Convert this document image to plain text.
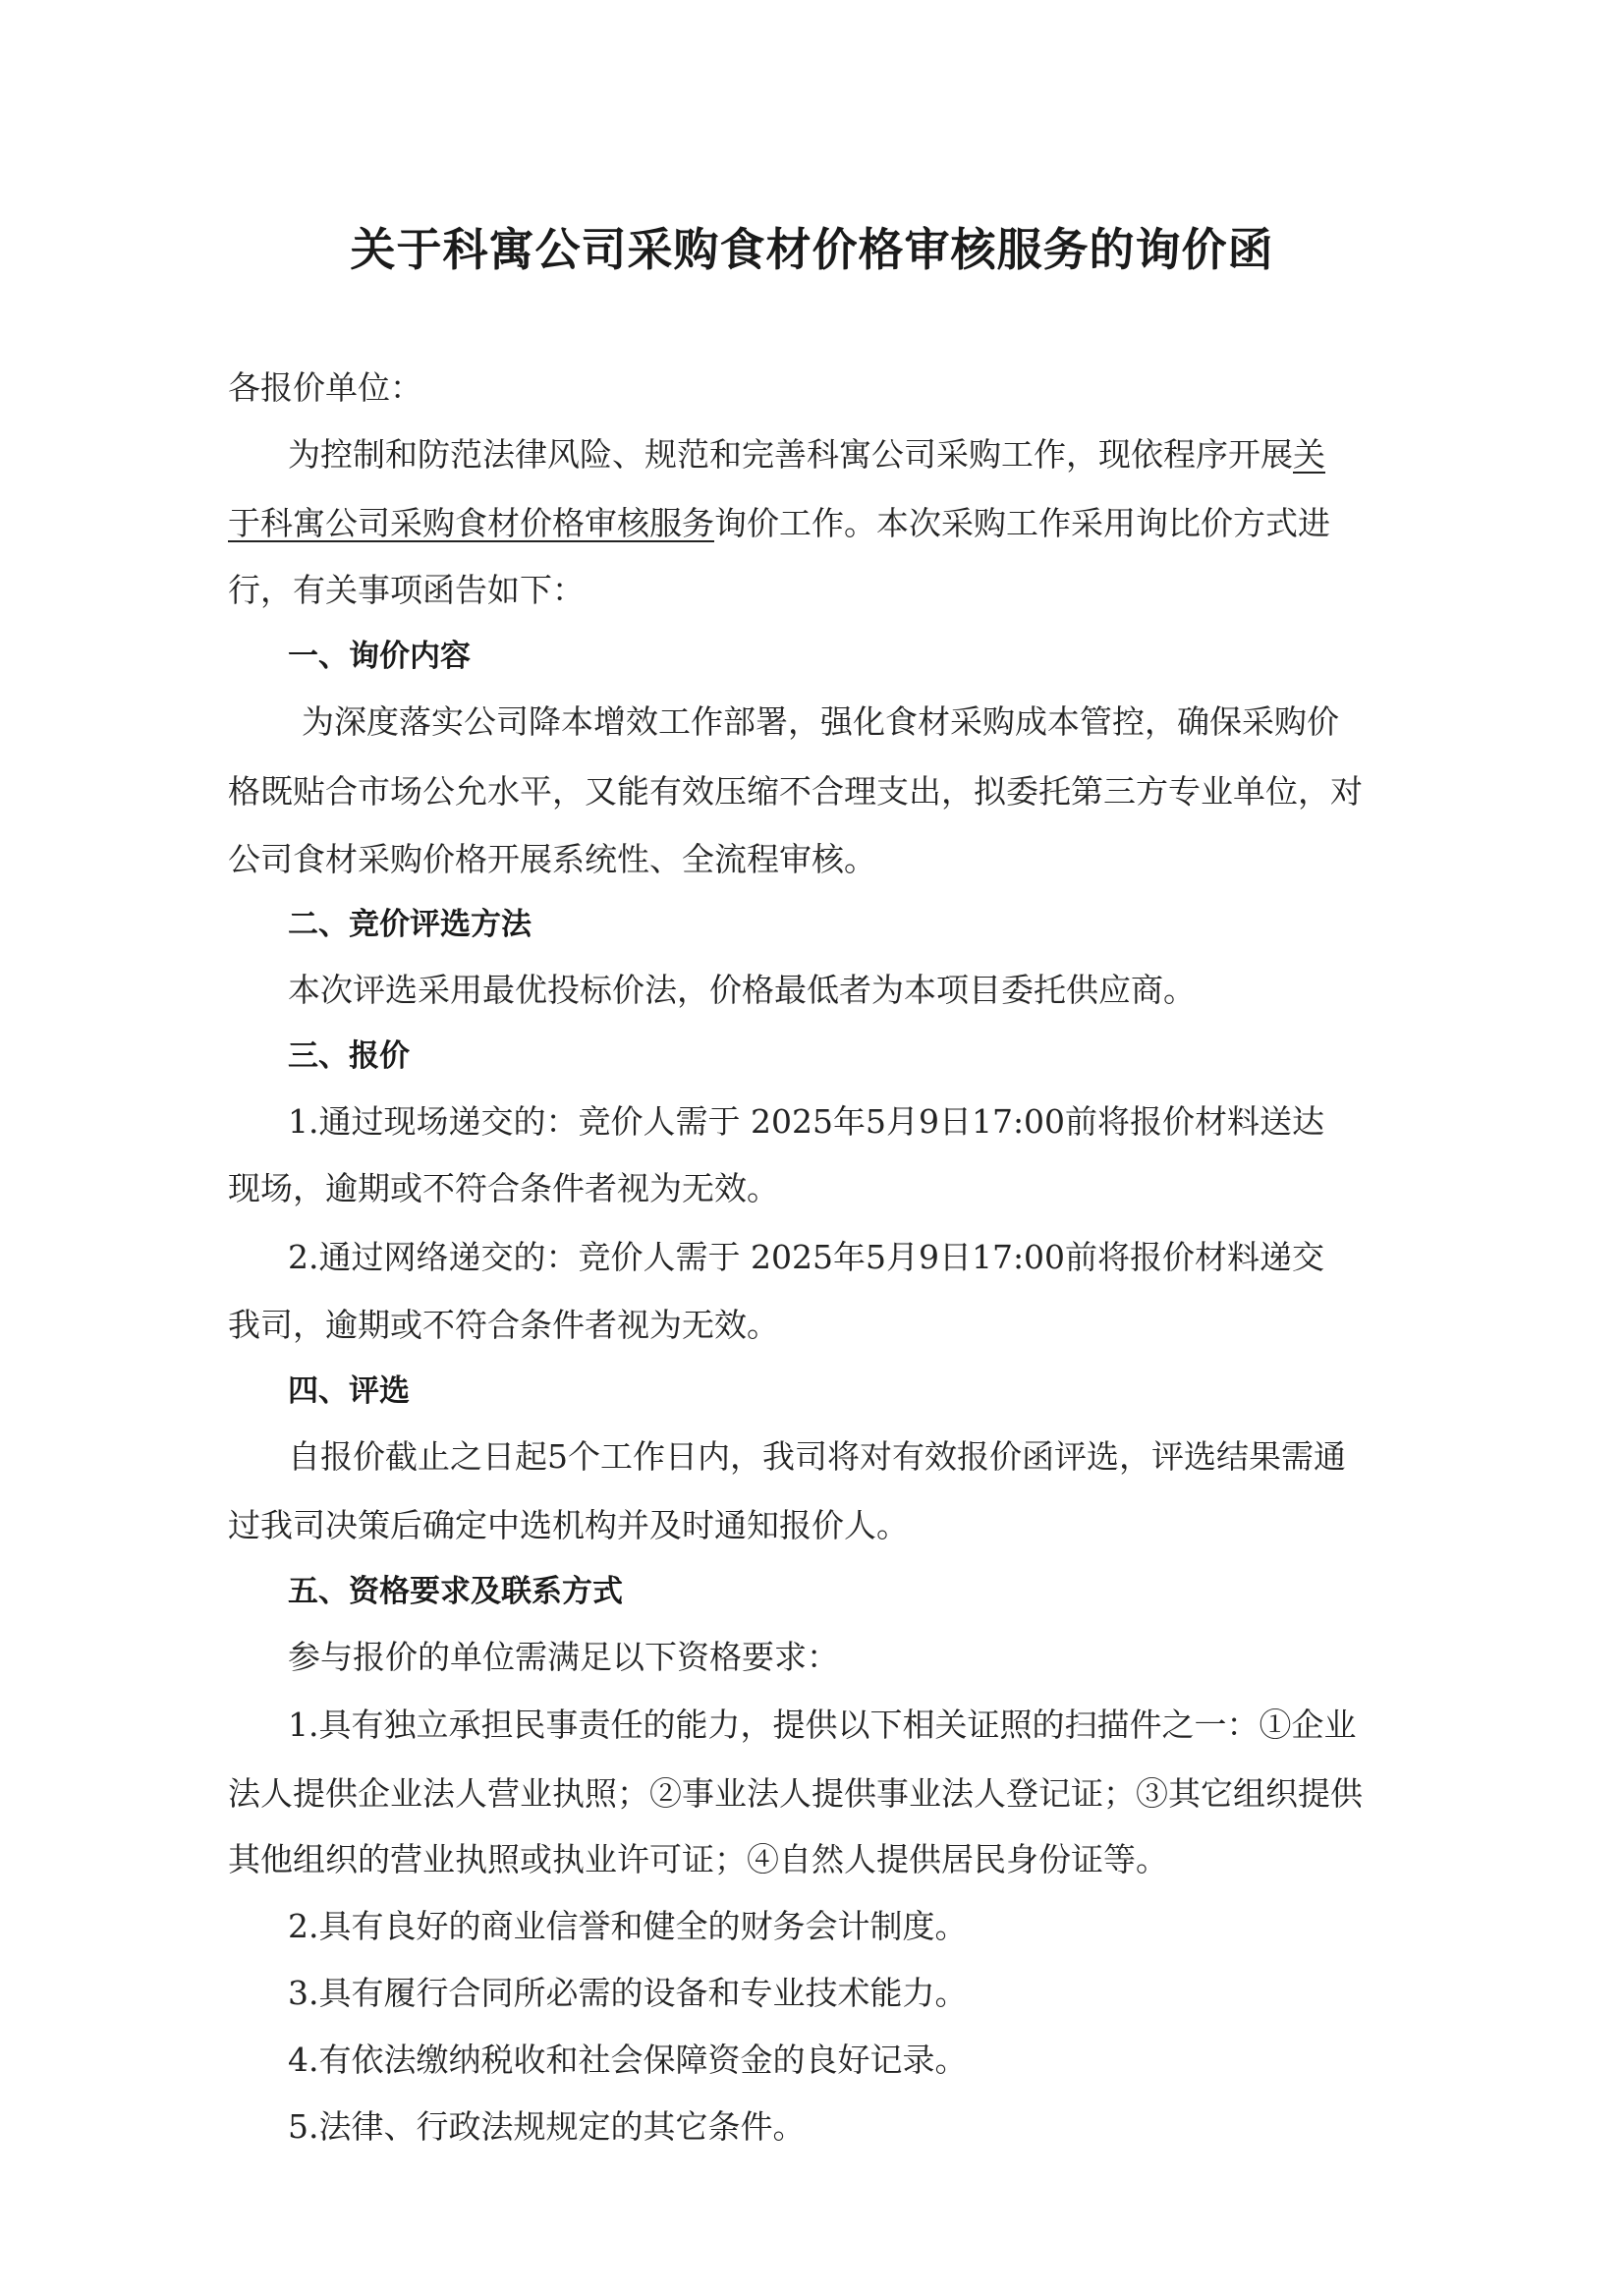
关于科寓公司采购食材价格审核服务的询价函
各报价单位：
为控制和防范法律风险、规范和完善科寓公司采购工作，现依程序开展关
于科寓公司采购食材价格审核服务询价工作。本次采购工作采用询比价方式进
行，有关事项函告如下：
一、询价内容
为深度落实公司降本增效工作部署，强化食材采购成本管控，确保采购价
格既贴合市场公允水平，又能有效压缩不合理支出，拟委托第三方专业单位，对
公司食材采购价格开展系统性、全流程审核。
二、竞价评选方法
本次评选采用最优投标价法，价格最低者为本项目委托供应商。
三、报价
1.通过现场递交的：竞价人需于 2025年5月9日17:00前将报价材料送达
现场，逾期或不符合条件者视为无效。
2.通过网络递交的：竞价人需于 2025年5月9日17:00前将报价材料递交
我司，逾期或不符合条件者视为无效。
四、评选
自报价截止之日起5个工作日内，我司将对有效报价函评选，评选结果需通
过我司决策后确定中选机构并及时通知报价人。
五、资格要求及联系方式
参与报价的单位需满足以下资格要求：
1.具有独立承担民事责任的能力，提供以下相关证照的扫描件之一：①企业
法人提供企业法人营业执照；②事业法人提供事业法人登记证；③其它组织提供
其他组织的营业执照或执业许可证；④自然人提供居民身份证等。
2.具有良好的商业信誉和健全的财务会计制度。
3.具有履行合同所必需的设备和专业技术能力。
4.有依法缴纳税收和社会保障资金的良好记录。
5.法律、行政法规规定的其它条件。
